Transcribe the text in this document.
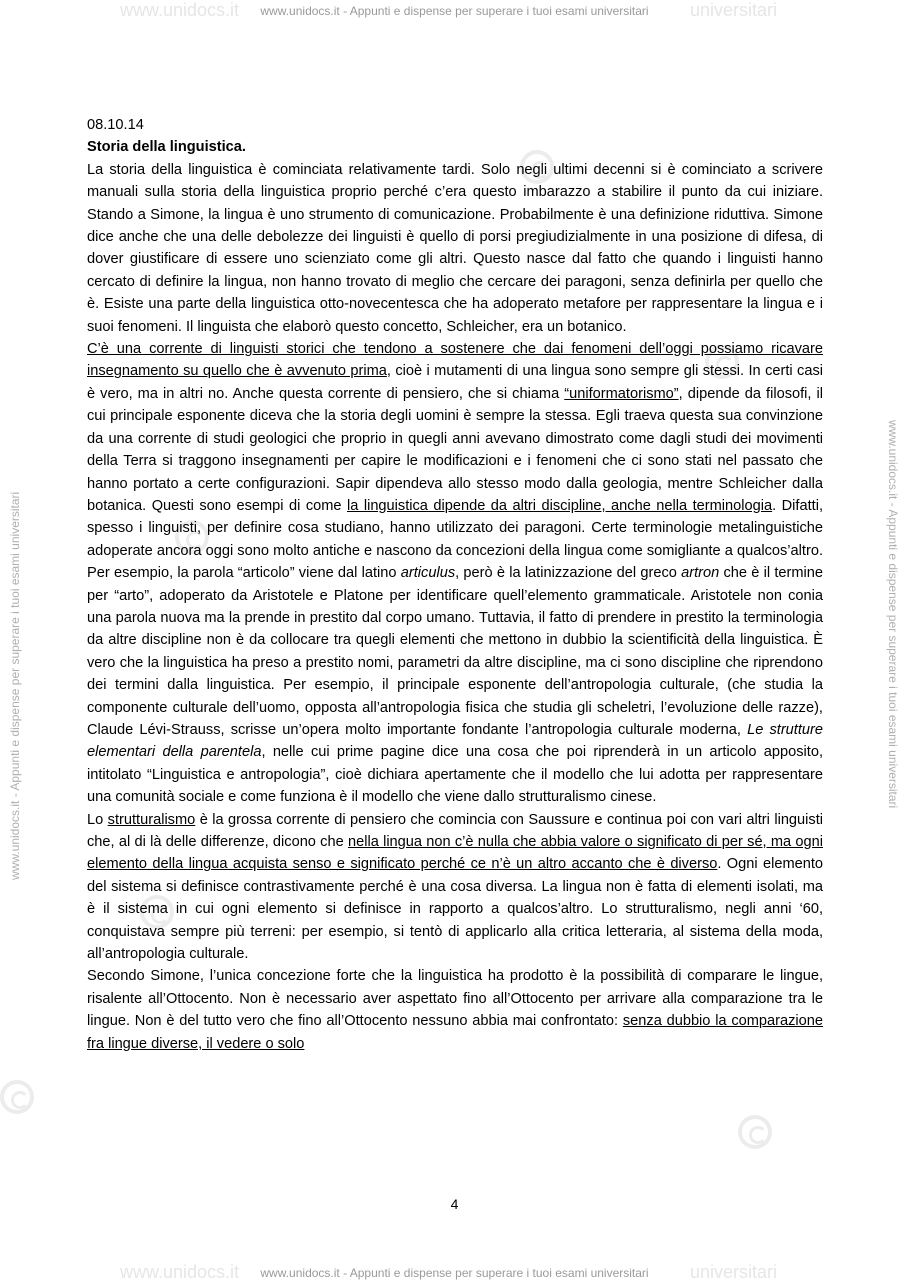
www.unidocs.it www.unidocs.it - Appunti e dispense per superare i tuoi esami universitari universitari
www.unidocs.it www.unidocs.it - Appunti e dispense per superare i tuoi esami universitari universitari
www.unidocs.it - Appunti e dispense per superare i tuoi esami universitari	www.unidocs.it - Appunti e dispense per superare i tuoi esami universitari

08.10.14

Storia della linguistica.

La storia della linguistica è cominciata relativamente tardi. Solo negli ultimi decenni si è cominciato a scrivere manuali sulla storia della linguistica proprio perché c’era questo imbarazzo a stabilire il punto da cui iniziare. Stando a Simone, la lingua è uno strumento di comunicazione. Probabilmente è una definizione riduttiva. Simone dice anche che una delle debolezze dei linguisti è quello di porsi pregiudizialmente in una posizione di difesa, di dover giustificare di essere uno scienziato come gli altri. Questo nasce dal fatto che quando i linguisti hanno cercato di definire la lingua, non hanno trovato di meglio che cercare dei paragoni, senza definirla per quello che è. Esiste una parte della linguistica otto-novecentesca che ha adoperato metafore per rappresentare la lingua e i suoi fenomeni. Il linguista che elaborò questo concetto, Schleicher, era un botanico.

C’è una corrente di linguisti storici che tendono a sostenere che dai fenomeni dell’oggi possiamo ricavare insegnamento su quello che è avvenuto prima, cioè i mutamenti di una lingua sono sempre gli stessi. In certi casi è vero, ma in altri no. Anche questa corrente di pensiero, che si chiama “uniformatorismo”, dipende da filosofi, il cui principale esponente diceva che la storia degli uomini è sempre la stessa. Egli traeva questa sua convinzione da una corrente di studi geologici che proprio in quegli anni avevano dimostrato come dagli studi dei movimenti della Terra si traggono insegnamenti per capire le modificazioni e i fenomeni che ci sono stati nel passato che hanno portato a certe configurazioni. Sapir dipendeva allo stesso modo dalla geologia, mentre Schleicher dalla botanica. Questi sono esempi di come la linguistica dipende da altri discipline, anche nella terminologia. Difatti, spesso i linguisti, per definire cosa studiano, hanno utilizzato dei paragoni. Certe terminologie metalinguistiche adoperate ancora oggi sono molto antiche e nascono da concezioni della lingua come somigliante a qualcos’altro. Per esempio, la parola “articolo” viene dal latino articulus, però è la latinizzazione del greco artron che è il termine per “arto”, adoperato da Aristotele e Platone per identificare quell’elemento grammaticale. Aristotele non conia una parola nuova ma la prende in prestito dal corpo umano. Tuttavia, il fatto di prendere in prestito la terminologia da altre discipline non è da collocare tra quegli elementi che mettono in dubbio la scientificità della linguistica. È vero che la linguistica ha preso a prestito nomi, parametri da altre discipline, ma ci sono discipline che riprendono dei termini dalla linguistica. Per esempio, il principale esponente dell’antropologia culturale, (che studia la componente culturale dell’uomo, opposta all’antropologia fisica che studia gli scheletri, l’evoluzione delle razze), Claude Lévi-Strauss, scrisse un’opera molto importante fondante l’antropologia culturale moderna, Le strutture elementari della parentela, nelle cui prime pagine dice una cosa che poi riprenderà in un articolo apposito, intitolato “Linguistica e antropologia”, cioè dichiara apertamente che il modello che lui adotta per rappresentare una comunità sociale e come funziona è il modello che viene dallo strutturalismo cinese.

Lo strutturalismo è la grossa corrente di pensiero che comincia con Saussure e continua poi con vari altri linguisti che, al di là delle differenze, dicono che nella lingua non c’è nulla che abbia valore o significato di per sé, ma ogni elemento della lingua acquista senso e significato perché ce n’è un altro accanto che è diverso. Ogni elemento del sistema si definisce contrastivamente perché è una cosa diversa. La lingua non è fatta di elementi isolati, ma è il sistema in cui ogni elemento si definisce in rapporto a qualcos’altro. Lo strutturalismo, negli anni ‘60, conquistava sempre più terreni: per esempio, si tentò di applicarlo alla critica letteraria, al sistema della moda, all’antropologia culturale.

Secondo Simone, l’unica concezione forte che la linguistica ha prodotto è la possibilità di comparare le lingue, risalente all’Ottocento. Non è necessario aver aspettato fino all’Ottocento per arrivare alla comparazione tra le lingue. Non è del tutto vero che fino all’Ottocento nessuno abbia mai confrontato: senza dubbio la comparazione fra lingue diverse, il vedere o solo

4
